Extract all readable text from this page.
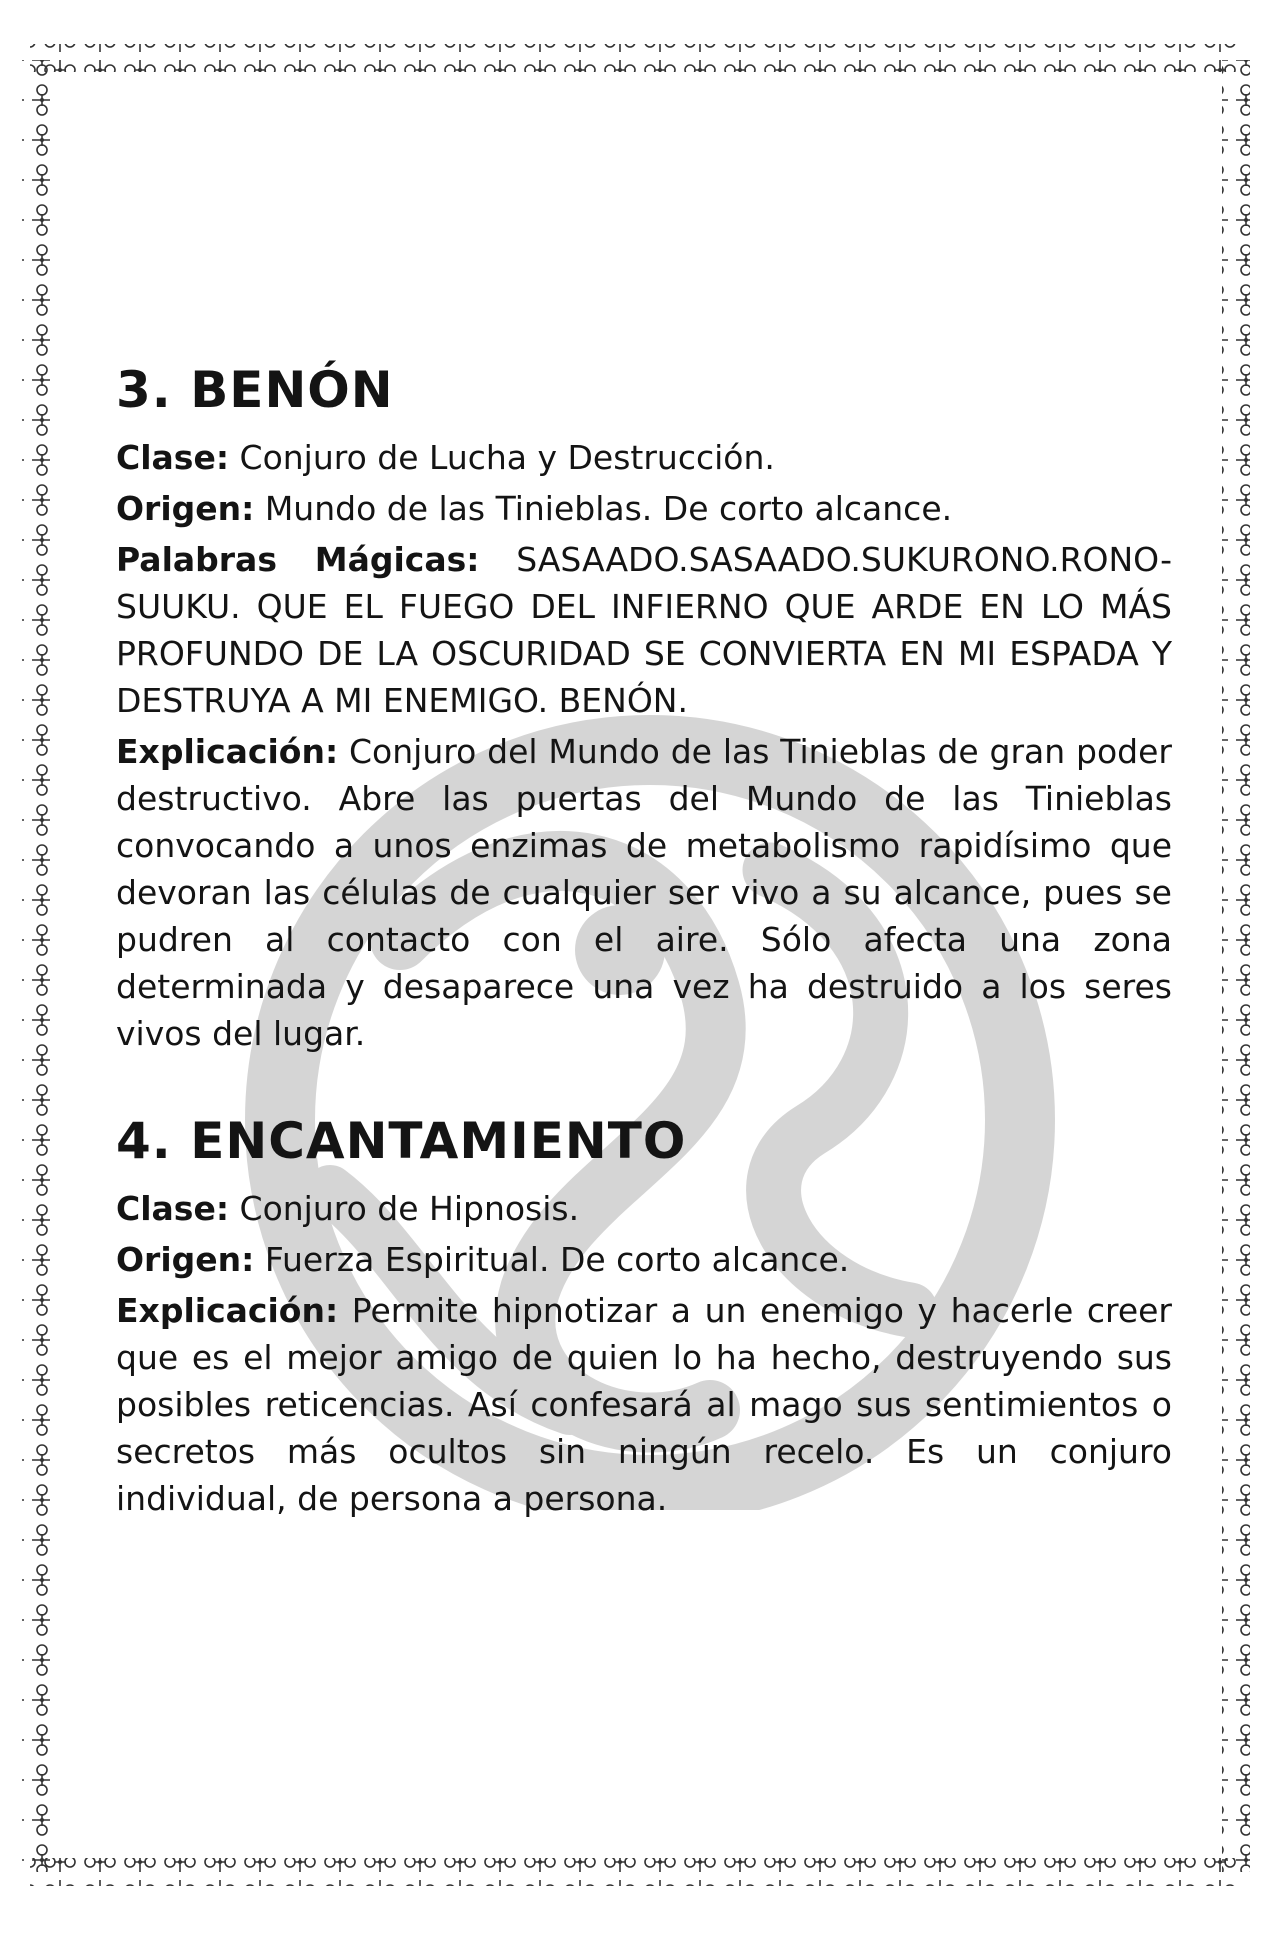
3. BENÓN

Clase: Conjuro de Lucha y Destrucción.

Origen: Mundo de las Tinieblas. De corto alcance.

Palabras Mágicas: SASAADO.SASAADO.SUKURONO.RONO-SUUKU. QUE EL FUEGO DEL INFIERNO QUE ARDE EN LO MÁS PROFUNDO DE LA OSCURIDAD SE CONVIERTA EN MI ESPADA Y DESTRUYA A MI ENEMIGO. BENÓN.

Explicación: Conjuro del Mundo de las Tinieblas de gran poder destructivo. Abre las puertas del Mundo de las Tinieblas convocando a unos enzimas de metabolismo rapidísimo que devoran las células de cualquier ser vivo a su alcance, pues se pudren al contacto con el aire. Sólo afecta una zona determinada y desaparece una vez ha destruido a los seres vivos del lugar.

4. ENCANTAMIENTO

Clase: Conjuro de Hipnosis.

Origen: Fuerza Espiritual. De corto alcance.

Explicación: Permite hipnotizar a un enemigo y hacerle creer que es el mejor amigo de quien lo ha hecho, destruyendo sus posibles reticencias. Así confesará al mago sus sentimientos o secretos más ocultos sin ningún recelo. Es un conjuro individual, de persona a persona.
